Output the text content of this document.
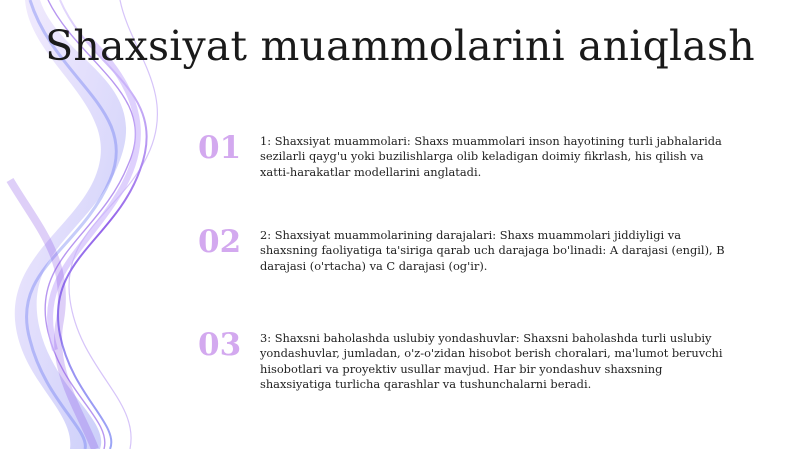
Shaxsiyat muammolarini aniqlash
01	1: Shaxsiyat muammolari: Shaxs muammolari inson hayotining turli jabhalarida sezilarli qayg'u yoki buzilishlarga olib keladigan doimiy fikrlash, his qilish va xatti-harakatlar modellarini anglatadi.
02	2: Shaxsiyat muammolarining darajalari: Shaxs muammolari jiddiyligi va shaxsning faoliyatiga ta'siriga qarab uch darajaga bo'linadi: A darajasi (engil), B darajasi (o'rtacha) va C darajasi (og'ir).
03	3: Shaxsni baholashda uslubiy yondashuvlar: Shaxsni baholashda turli uslubiy yondashuvlar, jumladan, o'z-o'zidan hisobot berish choralari, ma'lumot beruvchi hisobotlari va proyektiv usullar mavjud. Har bir yondashuv shaxsning shaxsiyatiga turlicha qarashlar va tushunchalarni beradi.
